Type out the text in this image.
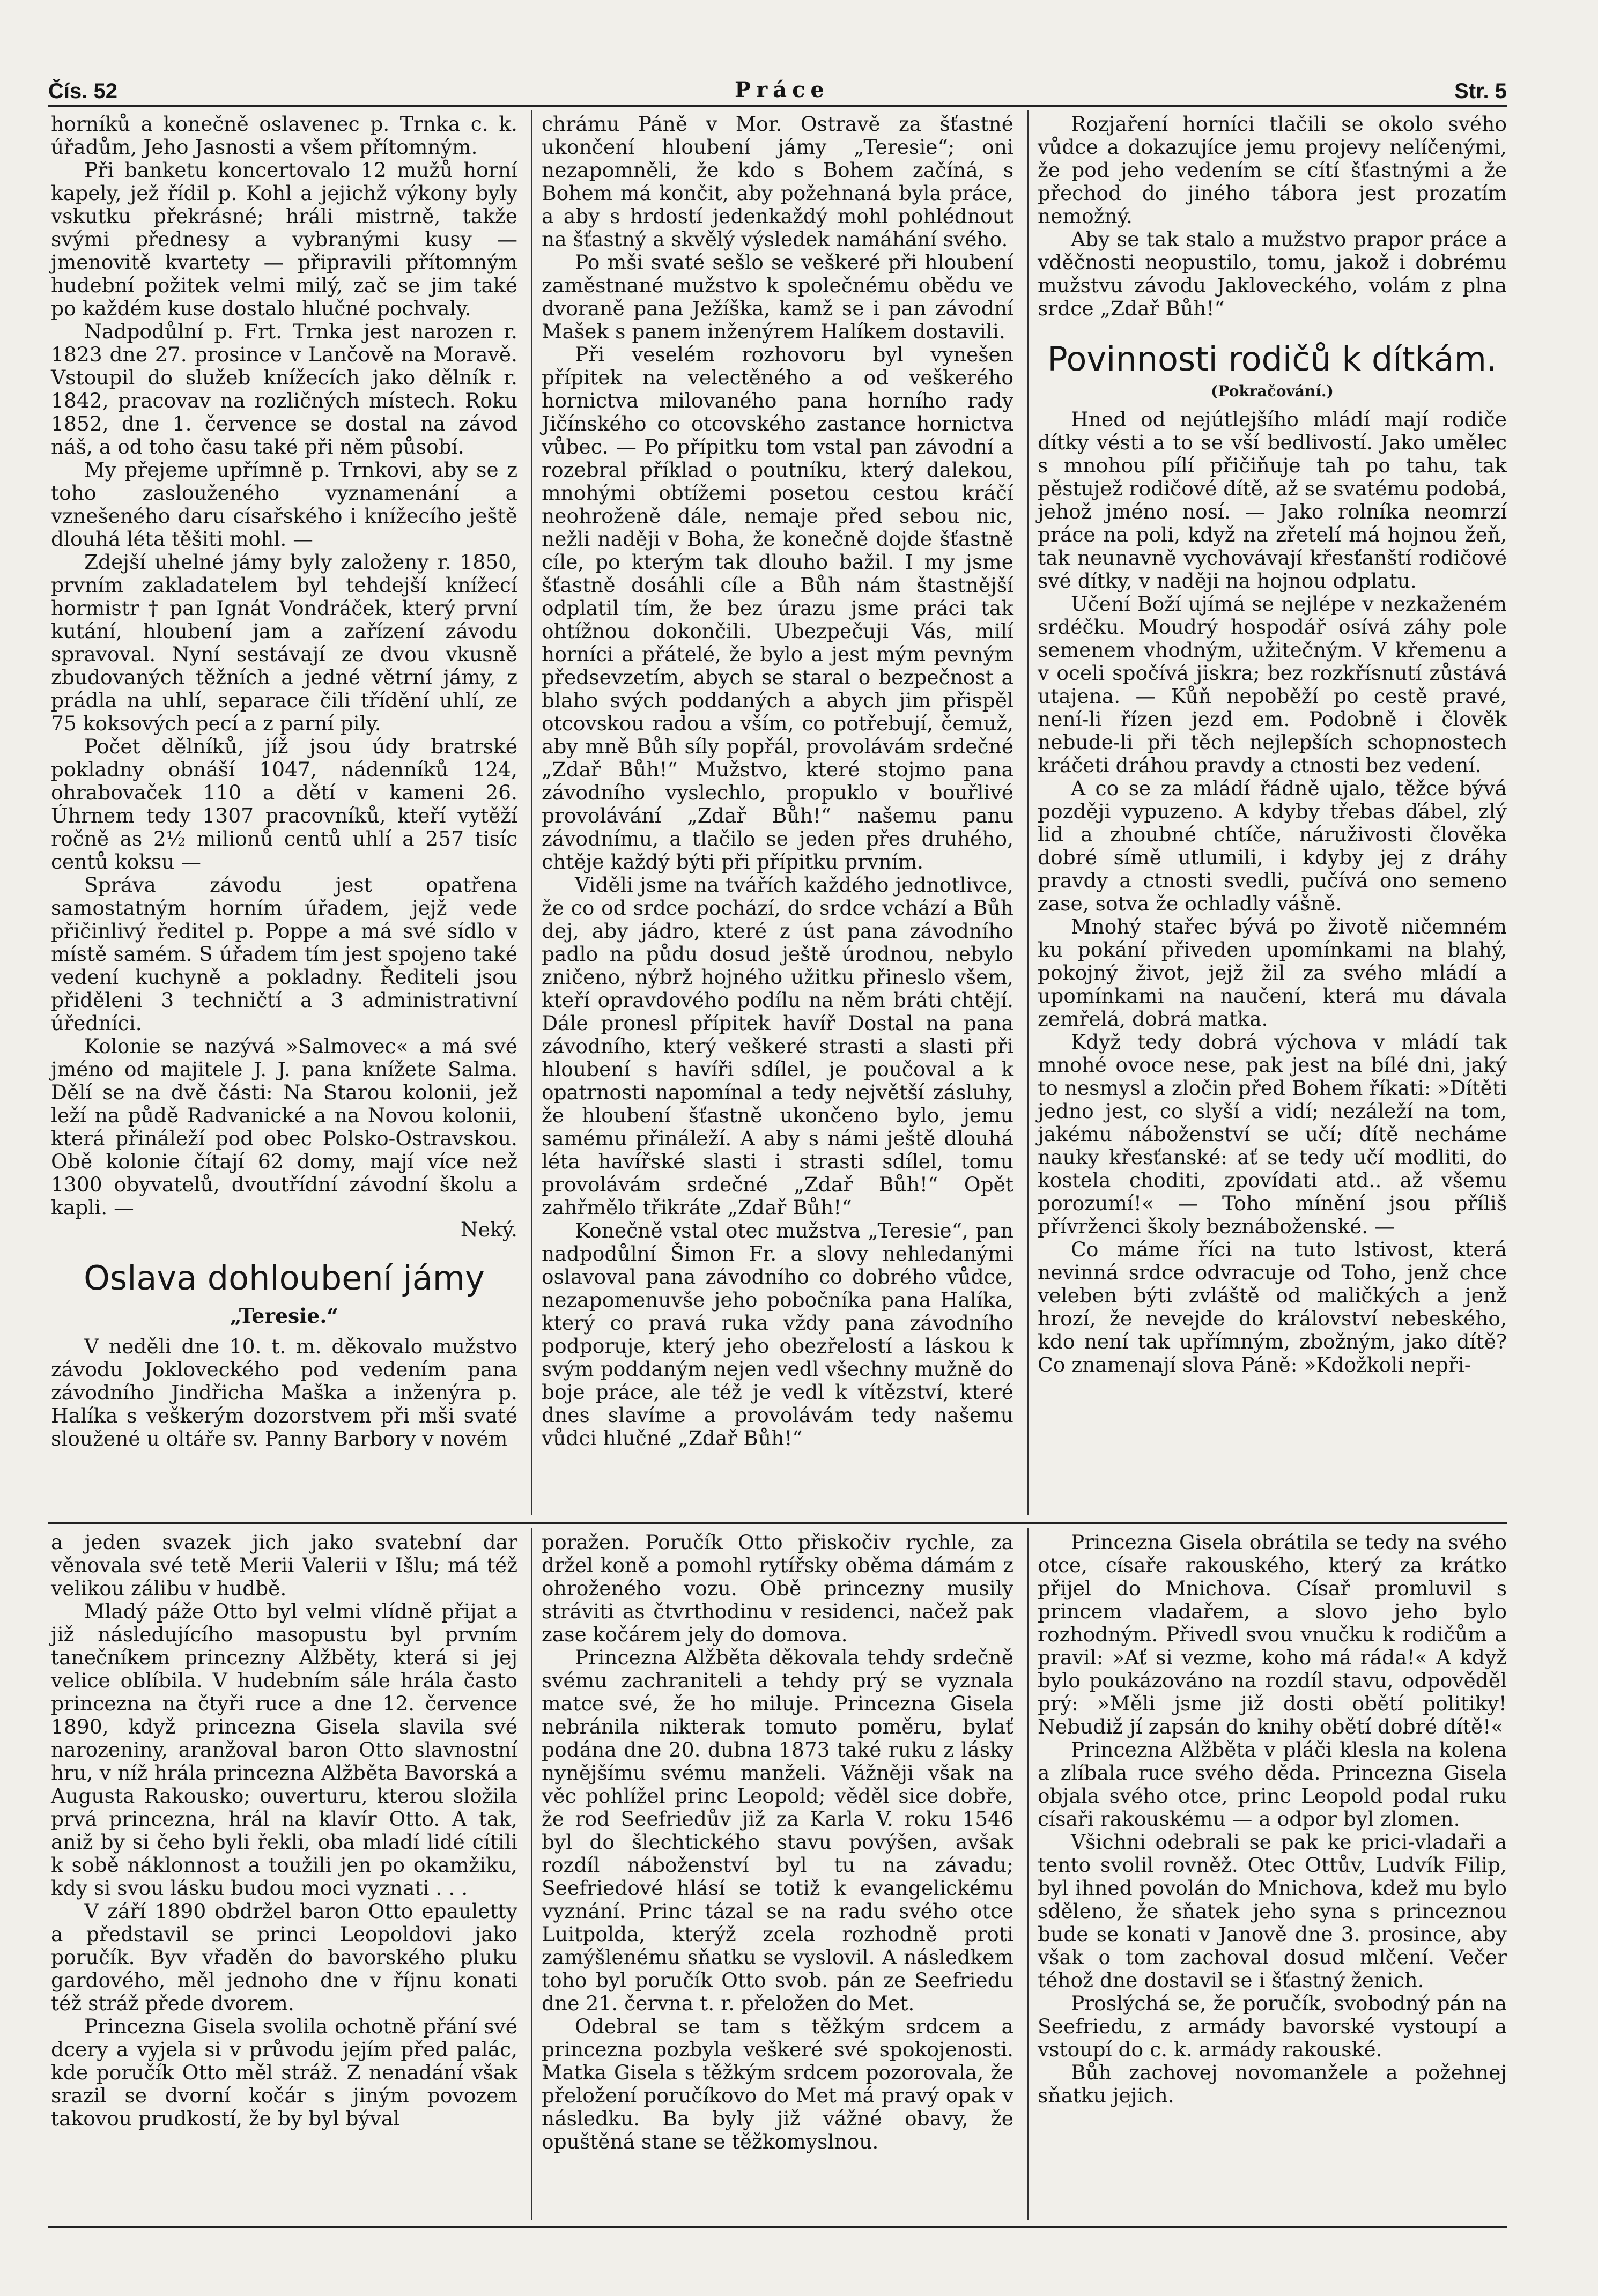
Čís. 52	Práce	Str. 5

horníků a konečně oslavenec p. Trnka c. k. úřadům, Jeho Jasnosti a všem přítomným.

Při banketu koncertovalo 12 mužů horní kapely, jež řídil p. Kohl a jejichž výkony byly vskutku překrásné; hráli mistrně, takže svými přednesy a vybranými kusy — jmenovitě kvartety — připravili přítomným hudební požitek velmi milý, zač se jim také po každém kuse dostalo hlučné pochvaly.

Nadpodůlní p. Frt. Trnka jest narozen r. 1823 dne 27. prosince v Lančově na Moravě. Vstoupil do služeb knížecích jako dělník r. 1842, pracovav na rozličných místech. Roku 1852, dne 1. července se dostal na závod náš, a od toho času také při něm působí.

My přejeme upřímně p. Trnkovi, aby se z toho zaslouženého vyznamenání a vznešeného daru císařského i knížecího ještě dlouhá léta těšiti mohl. —

Zdejší uhelné jámy byly založeny r. 1850, prvním zakladatelem byl tehdejší knížecí hormistr † pan Ignát Vondráček, který první kutání, hloubení jam a zařízení závodu spravoval. Nyní sestávají ze dvou vkusně zbudovaných těžních a jedné větrní jámy, z prádla na uhlí, separace čili třídění uhlí, ze 75 koksových pecí a z parní pily.

Počet dělníků, jíž jsou údy bratrské pokladny obnáší 1047, nádenníků 124, ohrabovaček 110 a dětí v kameni 26. Úhrnem tedy 1307 pracovníků, kteří vytěží ročně as 2½ milionů centů uhlí a 257 tisíc centů koksu —

Správa závodu jest opatřena samostatným horním úřadem, jejž vede přičinlivý ředitel p. Poppe a má své sídlo v místě samém. S úřadem tím jest spojeno také vedení kuchyně a pokladny. Řediteli jsou přiděleni 3 techničtí a 3 administrativní úředníci.

Kolonie se nazývá »Salmovec« a má své jméno od majitele J. J. pana knížete Salma. Dělí se na dvě části: Na Starou kolonii, jež leží na půdě Radvanické a na Novou kolonii, která přináleží pod obec Polsko-Ostravskou. Obě kolonie čítají 62 domy, mají více než 1300 obyvatelů, dvoutřídní závodní školu a kapli. —

Neký.

Oslava dohloubení jámy

„Teresie.“

V neděli dne 10. t. m. děkovalo mužstvo závodu Jokloveckého pod vedením pana závodního Jindřicha Maška a inženýra p. Halíka s veškerým dozorstvem při mši svaté sloužené u oltáře sv. Panny Barbory v novém

chrámu Páně v Mor. Ostravě za šťastné ukončení hloubení jámy „Teresie“; oni nezapomněli, že kdo s Bohem začíná, s Bohem má končit, aby požehnaná byla práce, a aby s hrdostí jedenkaždý mohl pohlédnout na šťastný a skvělý výsledek namáhání svého.

Po mši svaté sešlo se veškeré při hloubení zaměstnané mužstvo k společnému obědu ve dvoraně pana Ježíška, kamž se i pan závodní Mašek s panem inženýrem Halíkem dostavili.

Při veselém rozhovoru byl vynešen přípitek na velectěného a od veškerého hornictva milovaného pana horního rady Jičínského co otcovského zastance hornictva vůbec. — Po přípitku tom vstal pan závodní a rozebral příklad o poutníku, který dalekou, mnohými obtížemi posetou cestou kráčí neohroženě dále, nemaje před sebou nic, nežli naději v Boha, že konečně dojde šťastně cíle, po kterým tak dlouho bažil. I my jsme šťastně dosáhli cíle a Bůh nám štastnější odplatil tím, že bez úrazu jsme práci tak ohtížnou dokončili. Ubezpečuji Vás, milí horníci a přátelé, že bylo a jest mým pevným předsevzetím, abych se staral o bezpečnost a blaho svých poddaných a abych jim přispěl otcovskou radou a vším, co potřebují, čemuž, aby mně Bůh síly popřál, provolávám srdečné „Zdař Bůh!“ Mužstvo, které stojmo pana závodního vyslechlo, propuklo v bouřlivé provolávání „Zdař Bůh!“ našemu panu závodnímu, a tlačilo se jeden přes druhého, chtěje každý býti při přípitku prvním.

Viděli jsme na tvářích každého jednotlivce, že co od srdce pochází, do srdce vchází a Bůh dej, aby jádro, které z úst pana závodního padlo na půdu dosud ještě úrodnou, nebylo zničeno, nýbrž hojného užitku přineslo všem, kteří opravdového podílu na něm bráti chtějí. Dále pronesl přípitek havíř Dostal na pana závodního, který veškeré strasti a slasti při hloubení s havíři sdílel, je poučoval a k opatrnosti napomínal a tedy největší zásluhy, že hloubení šťastně ukončeno bylo, jemu samému přináleží. A aby s námi ještě dlouhá léta havířské slasti i strasti sdílel, tomu provolávám srdečné „Zdař Bůh!“ Opět zahřmělo třikráte „Zdař Bůh!“

Konečně vstal otec mužstva „Teresie“, pan nadpodůlní Šimon Fr. a slovy nehledanými oslavoval pana závodního co dobrého vůdce, nezapomenuvše jeho pobočníka pana Halíka, který co pravá ruka vždy pana závodního podporuje, který jeho obezřelostí a láskou k svým poddaným nejen vedl všechny mužně do boje práce, ale též je vedl k vítězství, které dnes slavíme a provolávám tedy našemu vůdci hlučné „Zdař Bůh!“

Rozjaření horníci tlačili se okolo svého vůdce a dokazujíce jemu projevy nelíčenými, že pod jeho vedením se cítí šťastnými a že přechod do jiného tábora jest prozatím nemožný.

Aby se tak stalo a mužstvo prapor práce a vděčnosti neopustilo, tomu, jakož i dobrému mužstvu závodu Jakloveckého, volám z plna srdce „Zdař Bůh!“

Povinnosti rodičů k dítkám.

(Pokračování.)

Hned od nejútlejšího mládí mají rodiče dítky vésti a to se vší bedlivostí. Jako umělec s mnohou pílí přičiňuje tah po tahu, tak pěstujež rodičové dítě, až se svatému podobá, jehož jméno nosí. — Jako rolníka neomrzí práce na poli, když na zřetelí má hojnou žeň, tak neunavně vychovávají křesťanští rodičové své dítky, v naději na hojnou odplatu.

Učení Boží ujímá se nejlépe v nezkaženém srdéčku. Moudrý hospodář osívá záhy pole semenem vhodným, užitečným. V křemenu a v oceli spočívá jiskra; bez rozkřísnutí zůstává utajena. — Kůň nepoběží po cestě pravé, není-li řízen jezd em. Podobně i člověk nebude-li při těch nejlepších schopnostech kráčeti dráhou pravdy a ctnosti bez vedení.

A co se za mládí řádně ujalo, těžce bývá později vypuzeno. A kdyby třebas ďábel, zlý lid a zhoubné chtíče, náruživosti člověka dobré símě utlumili, i kdyby jej z dráhy pravdy a ctnosti svedli, pučívá ono semeno zase, sotva že ochladly vášně.

Mnohý stařec bývá po životě ničemném ku pokání přiveden upomínkami na blahý, pokojný život, jejž žil za svého mládí a upomínkami na naučení, která mu dávala zemřelá, dobrá matka.

Když tedy dobrá výchova v mládí tak mnohé ovoce nese, pak jest na bílé dni, jaký to nesmysl a zločin před Bohem říkati: »Dítěti jedno jest, co slyší a vidí; nezáleží na tom, jakému náboženství se učí; dítě necháme nauky křesťanské: ať se tedy učí modliti, do kostela choditi, zpovídati atd.. až všemu porozumí!« — Toho mínění jsou příliš přívrženci školy beznáboženské. —

Co máme říci na tuto lstivost, která nevinná srdce odvracuje od Toho, jenž chce veleben býti zvláště od maličkých a jenž hrozí, že nevejde do království nebeského, kdo není tak upřímným, zbožným, jako dítě? Co znamenají slova Páně: »Kdožkoli nepři-

a jeden svazek jich jako svatební dar věnovala své tetě Merii Valerii v Išlu; má též velikou zálibu v hudbě.

Mladý páže Otto byl velmi vlídně přijat a již následujícího masopustu byl prvním tanečníkem princezny Alžběty, která si jej velice oblíbila. V hudebním sále hrála často princezna na čtyři ruce a dne 12. července 1890, když princezna Gisela slavila své narozeniny, aranžoval baron Otto slavnostní hru, v níž hrála princezna Alžběta Bavorská a Augusta Rakousko; ouverturu, kterou složila prvá princezna, hrál na klavír Otto. A tak, aniž by si čeho byli řekli, oba mladí lidé cítili k sobě náklonnost a toužili jen po okamžiku, kdy si svou lásku budou moci vyznati . . .

V září 1890 obdržel baron Otto epauletty a představil se princi Leopoldovi jako poručík. Byv vřaděn do bavorského pluku gardového, měl jednoho dne v říjnu konati též stráž přede dvorem.

Princezna Gisela svolila ochotně přání své dcery a vyjela si v průvodu jejím před palác, kde poručík Otto měl stráž. Z nenadání však srazil se dvorní kočár s jiným povozem takovou prudkostí, že by byl býval

poražen. Poručík Otto přiskočiv rychle, za držel koně a pomohl rytířsky oběma dámám z ohroženého vozu. Obě princezny musily stráviti as čtvrthodinu v residenci, načež pak zase kočárem jely do domova.

Princezna Alžběta děkovala tehdy srdečně svému zachraniteli a tehdy prý se vyznala matce své, že ho miluje. Princezna Gisela nebránila nikterak tomuto poměru, bylať podána dne 20. dubna 1873 také ruku z lásky nynějšímu svému manželi. Vážněji však na věc pohlížel princ Leopold; věděl sice dobře, že rod Seefriedův již za Karla V. roku 1546 byl do šlechtického stavu povýšen, avšak rozdíl náboženství byl tu na závadu; Seefriedové hlásí se totiž k evangelickému vyznání. Princ tázal se na radu svého otce Luitpolda, kterýž zcela rozhodně proti zamýšlenému sňatku se vyslovil. A následkem toho byl poručík Otto svob. pán ze Seefriedu dne 21. června t. r. přeložen do Met.

Odebral se tam s těžkým srdcem a princezna pozbyla veškeré své spokojenosti. Matka Gisela s těžkým srdcem pozorovala, že přeložení poručíkovo do Met má pravý opak v následku. Ba byly již vážné obavy, že opuštěná stane se těžkomyslnou.

Princezna Gisela obrátila se tedy na svého otce, císaře rakouského, který za krátko přijel do Mnichova. Císař promluvil s princem vladařem, a slovo jeho bylo rozhodným. Přivedl svou vnučku k rodičům a pravil: »Ať si vezme, koho má ráda!« A když bylo poukázováno na rozdíl stavu, odpověděl prý: »Měli jsme již dosti obětí politiky! Nebudiž jí zapsán do knihy obětí dobré dítě!«

Princezna Alžběta v pláči klesla na kolena a zlíbala ruce svého děda. Princezna Gisela objala svého otce, princ Leopold podal ruku císaři rakouskému — a odpor byl zlomen.

Všichni odebrali se pak ke prici-vladaři a tento svolil rovněž. Otec Ottův, Ludvík Filip, byl ihned povolán do Mnichova, kdež mu bylo sděleno, že sňatek jeho syna s princeznou bude se konati v Janově dne 3. prosince, aby však o tom zachoval dosud mlčení. Večer téhož dne dostavil se i šťastný ženich.

Proslýchá se, že poručík, svobodný pán na Seefriedu, z armády bavorské vystoupí a vstoupí do c. k. armády rakouské.

Bůh zachovej novomanžele a požehnej sňatku jejich.
